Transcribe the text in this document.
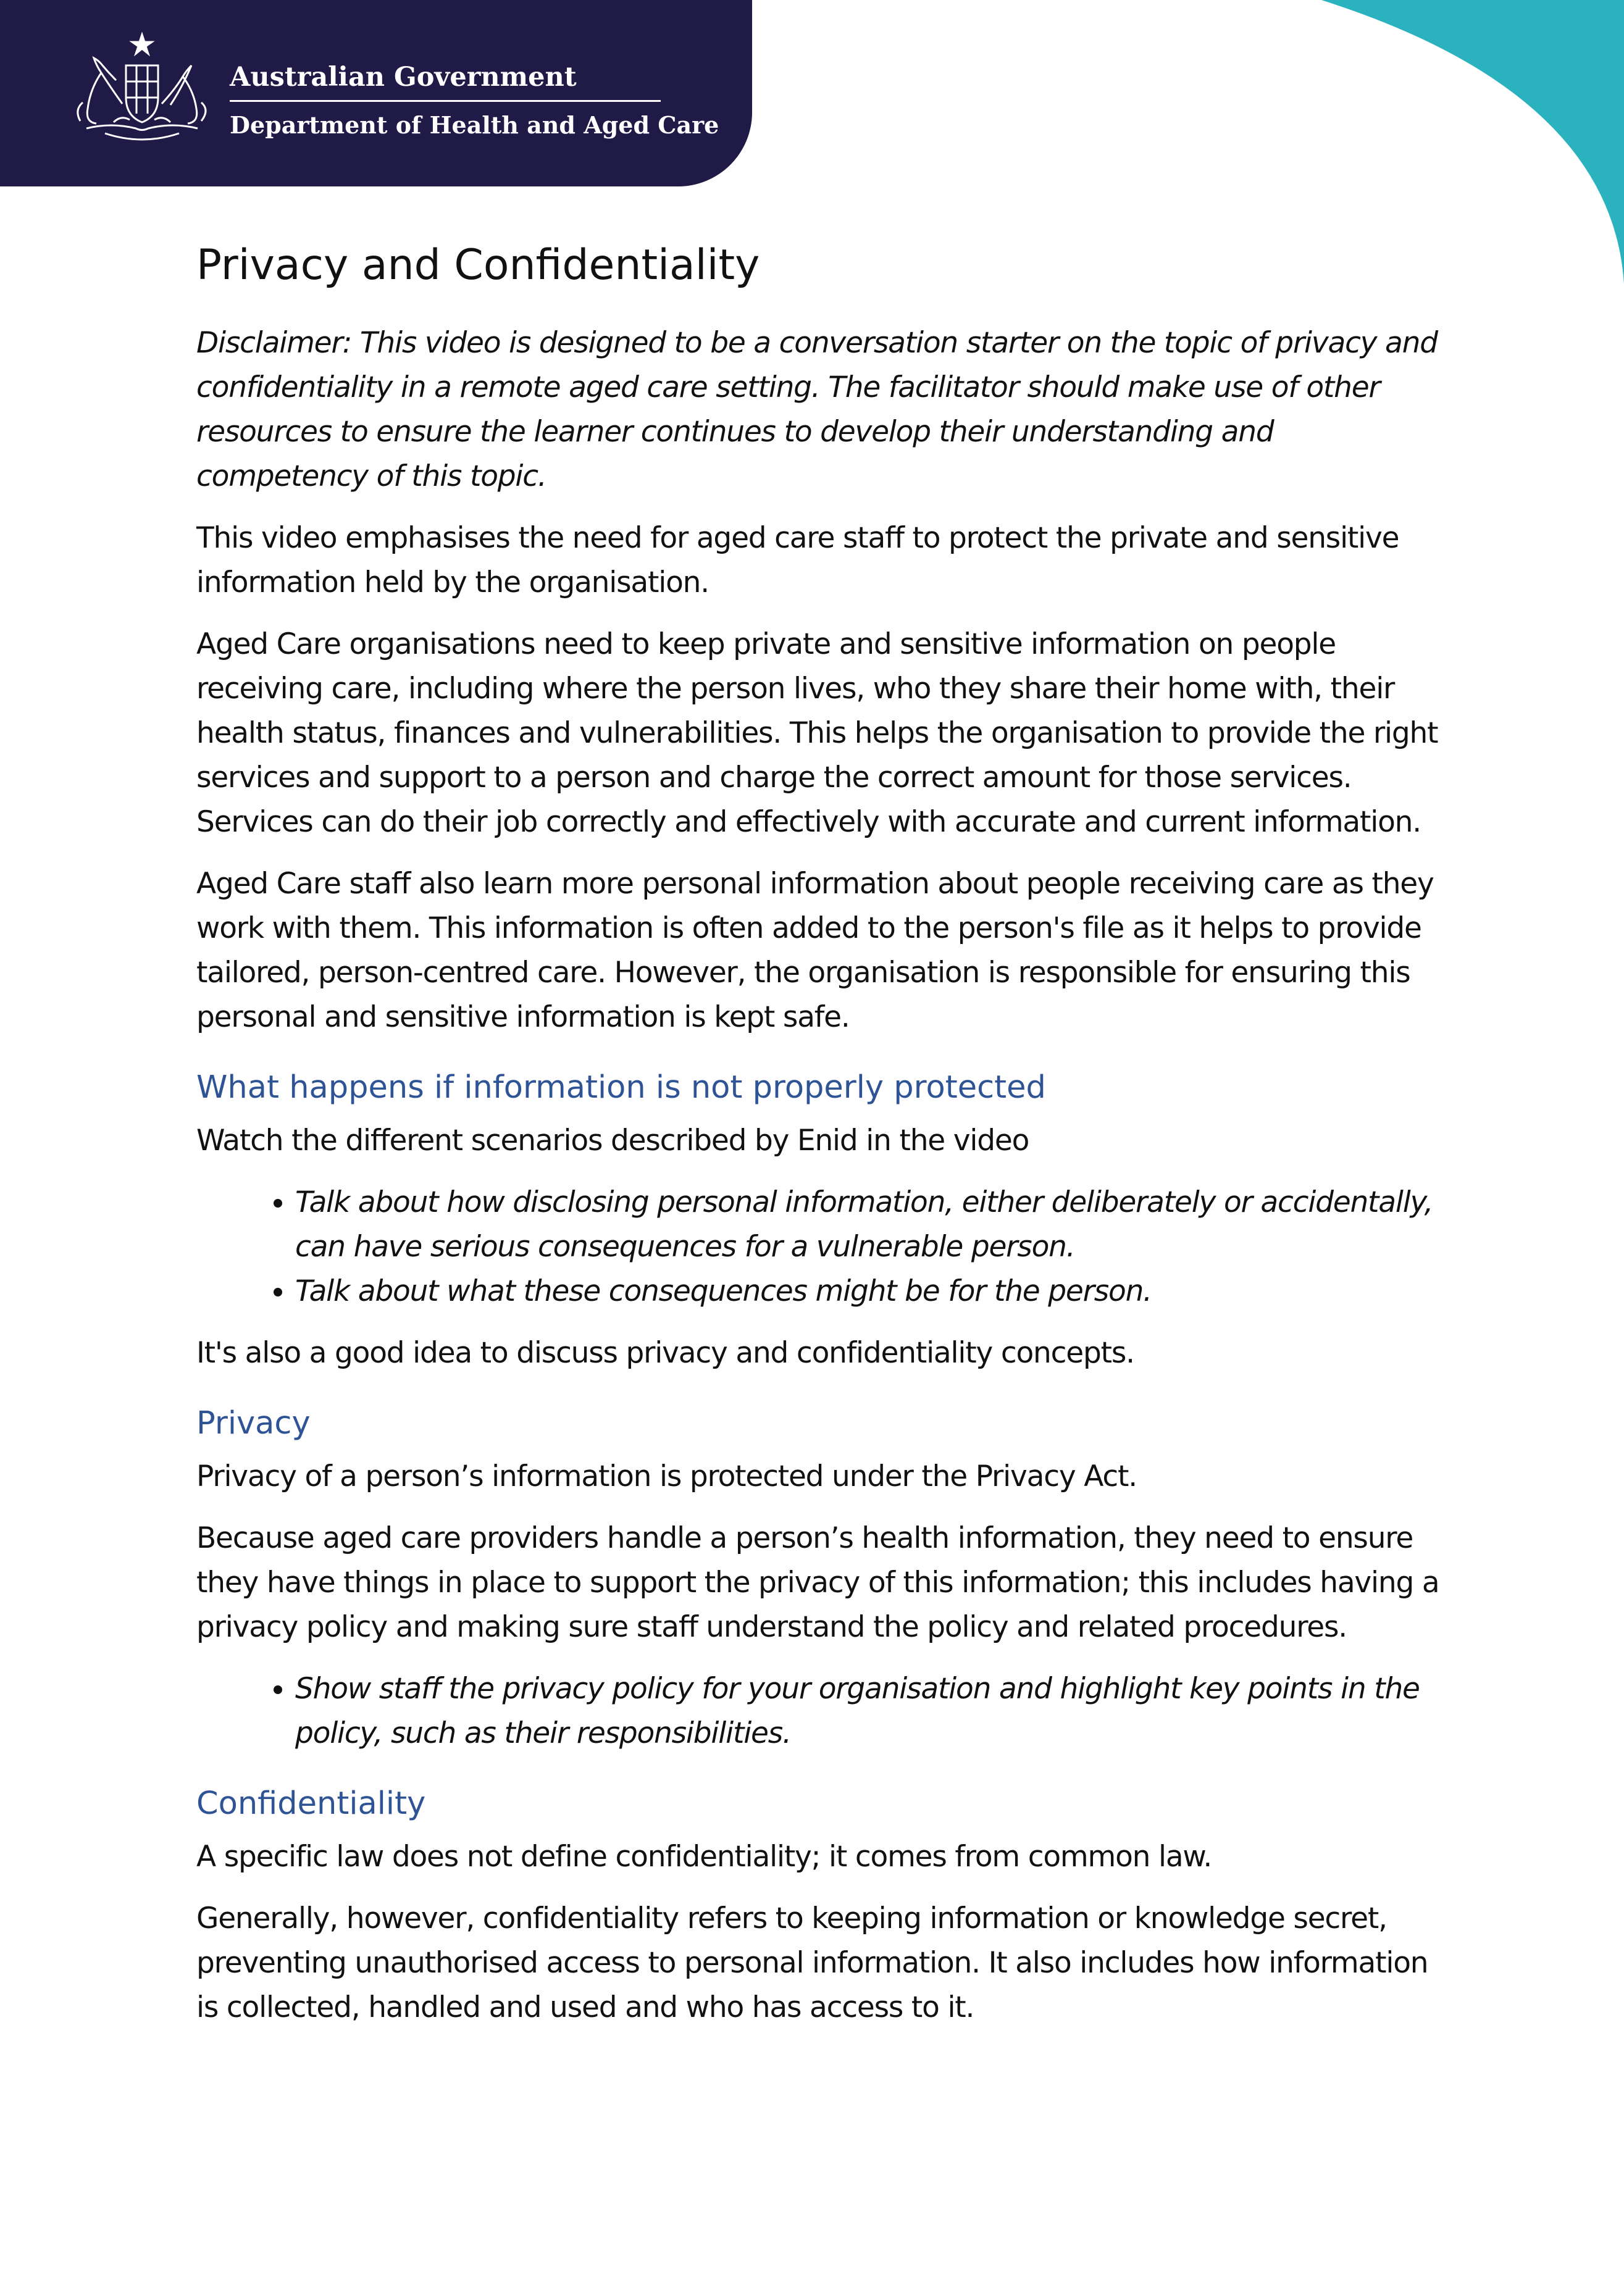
Australian Government
Department of Health and Aged Care
Privacy and Confidentiality

Disclaimer: This video is designed to be a conversation starter on the topic of privacy and confidentiality in a remote aged care setting. The facilitator should make use of other resources to ensure the learner continues to develop their understanding and competency of this topic.

This video emphasises the need for aged care staff to protect the private and sensitive information held by the organisation.

Aged Care organisations need to keep private and sensitive information on people receiving care, including where the person lives, who they share their home with, their health status, finances and vulnerabilities. This helps the organisation to provide the right services and support to a person and charge the correct amount for those services. Services can do their job correctly and effectively with accurate and current information.

Aged Care staff also learn more personal information about people receiving care as they work with them. This information is often added to the person's file as it helps to provide tailored, person-centred care. However, the organisation is responsible for ensuring this personal and sensitive information is kept safe.

What happens if information is not properly protected

Watch the different scenarios described by Enid in the video

• Talk about how disclosing personal information, either deliberately or accidentally, can have serious consequences for a vulnerable person.
• Talk about what these consequences might be for the person.

It's also a good idea to discuss privacy and confidentiality concepts.

Privacy

Privacy of a person’s information is protected under the Privacy Act.

Because aged care providers handle a person’s health information, they need to ensure they have things in place to support the privacy of this information; this includes having a privacy policy and making sure staff understand the policy and related procedures.

• Show staff the privacy policy for your organisation and highlight key points in the policy, such as their responsibilities.
Confidentiality

A specific law does not define confidentiality; it comes from common law.

Generally, however, confidentiality refers to keeping information or knowledge secret, preventing unauthorised access to personal information. It also includes how information is collected, handled and used and who has access to it.
